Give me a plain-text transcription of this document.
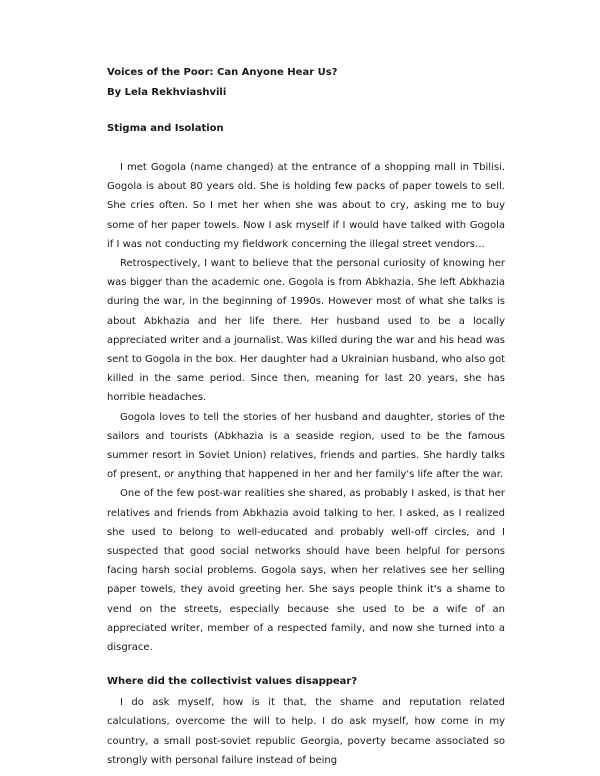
Voices of the Poor: Can Anyone Hear Us?
By Lela Rekhviashvili
Stigma and Isolation

I met Gogola (name changed) at the entrance of a shopping mall in Tbilisi. Gogola is about 80 years old. She is holding few packs of paper towels to sell. She cries often. So I met her when she was about to cry, asking me to buy some of her paper towels. Now I ask myself if I would have talked with Gogola if I was not conducting my fieldwork concerning the illegal street vendors…

Retrospectively, I want to believe that the personal curiosity of knowing her was bigger than the academic one. Gogola is from Abkhazia. She left Abkhazia during the war, in the beginning of 1990s. However most of what she talks is about Abkhazia and her life there. Her husband used to be a locally appreciated writer and a journalist. Was killed during the war and his head was sent to Gogola in the box. Her daughter had a Ukrainian husband, who also got killed in the same period. Since then, meaning for last 20 years, she has horrible headaches.

Gogola loves to tell the stories of her husband and daughter, stories of the sailors and tourists (Abkhazia is a seaside region, used to be the famous summer resort in Soviet Union) relatives, friends and parties. She hardly talks of present, or anything that happened in her and her family's life after the war.

One of the few post-war realities she shared, as probably I asked, is that her relatives and friends from Abkhazia avoid talking to her. I asked, as I realized she used to belong to well-educated and probably well-off circles, and I suspected that good social networks should have been helpful for persons facing harsh social problems. Gogola says, when her relatives see her selling paper towels, they avoid greeting her. She says people think it's a shame to vend on the streets, especially because she used to be a wife of an appreciated writer, member of a respected family, and now she turned into a disgrace.

Where did the collectivist values disappear?

I do ask myself, how is it that, the shame and reputation related calculations, overcome the will to help. I do ask myself, how come in my country, a small post-soviet republic Georgia, poverty became associated so strongly with personal failure instead of being
